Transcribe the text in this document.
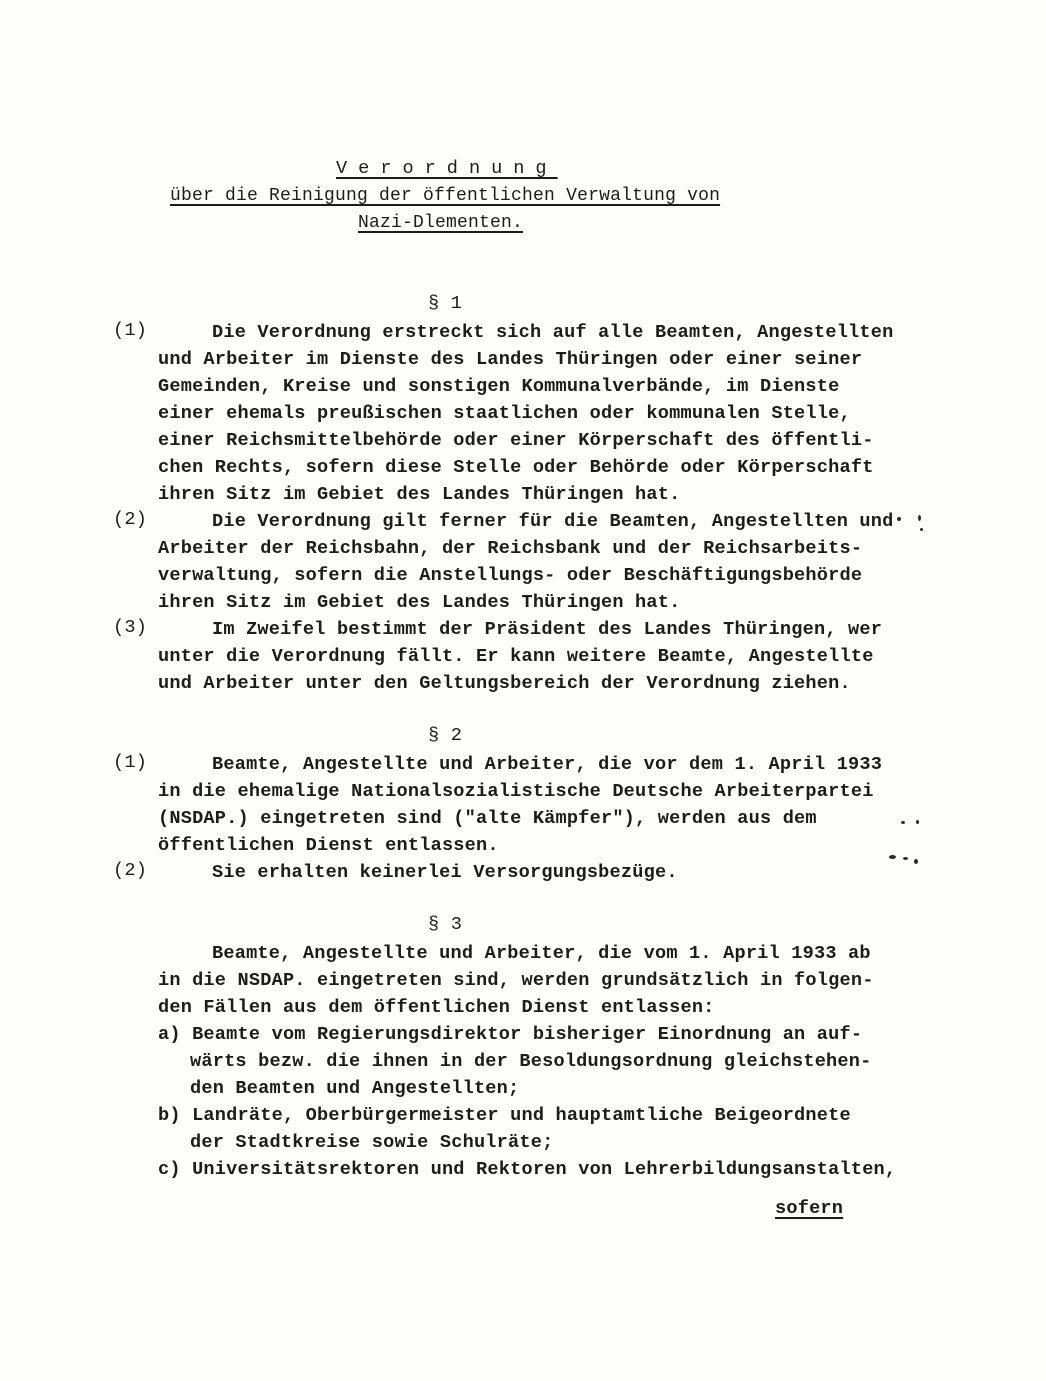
Verordnung
über die Reinigung der öffentlichen Verwaltung von
Nazi-Dlementen.
§ 1
(1)	Die Verordnung erstreckt sich auf alle Beamten, Angestellten
und Arbeiter im Dienste des Landes Thüringen oder einer seiner
Gemeinden, Kreise und sonstigen Kommunalverbände, im Dienste
einer ehemals preußischen staatlichen oder kommunalen Stelle,
einer Reichsmittelbehörde oder einer Körperschaft des öffentli-
chen Rechts, sofern diese Stelle oder Behörde oder Körperschaft
ihren Sitz im Gebiet des Landes Thüringen hat.
(2)	Die Verordnung gilt ferner für die Beamten, Angestellten und
Arbeiter der Reichsbahn, der Reichsbank und der Reichsarbeits-
verwaltung, sofern die Anstellungs- oder Beschäftigungsbehörde
ihren Sitz im Gebiet des Landes Thüringen hat.
(3)	Im Zweifel bestimmt der Präsident des Landes Thüringen, wer
unter die Verordnung fällt. Er kann weitere Beamte, Angestellte
und Arbeiter unter den Geltungsbereich der Verordnung ziehen.
§ 2
(1)	Beamte, Angestellte und Arbeiter, die vor dem 1. April 1933
in die ehemalige Nationalsozialistische Deutsche Arbeiterpartei
(NSDAP.) eingetreten sind ("alte Kämpfer"), werden aus dem
öffentlichen Dienst entlassen.
(2)	Sie erhalten keinerlei Versorgungsbezüge.
§ 3
Beamte, Angestellte und Arbeiter, die vom 1. April 1933 ab
in die NSDAP. eingetreten sind, werden grundsätzlich in folgen-
den Fällen aus dem öffentlichen Dienst entlassen:
a) Beamte vom Regierungsdirektor bisheriger Einordnung an auf-
wärts bezw. die ihnen in der Besoldungsordnung gleichstehen-
den Beamten und Angestellten;
b) Landräte, Oberbürgermeister und hauptamtliche Beigeordnete
der Stadtkreise sowie Schulräte;
c) Universitätsrektoren und Rektoren von Lehrerbildungsanstalten,
sofern
